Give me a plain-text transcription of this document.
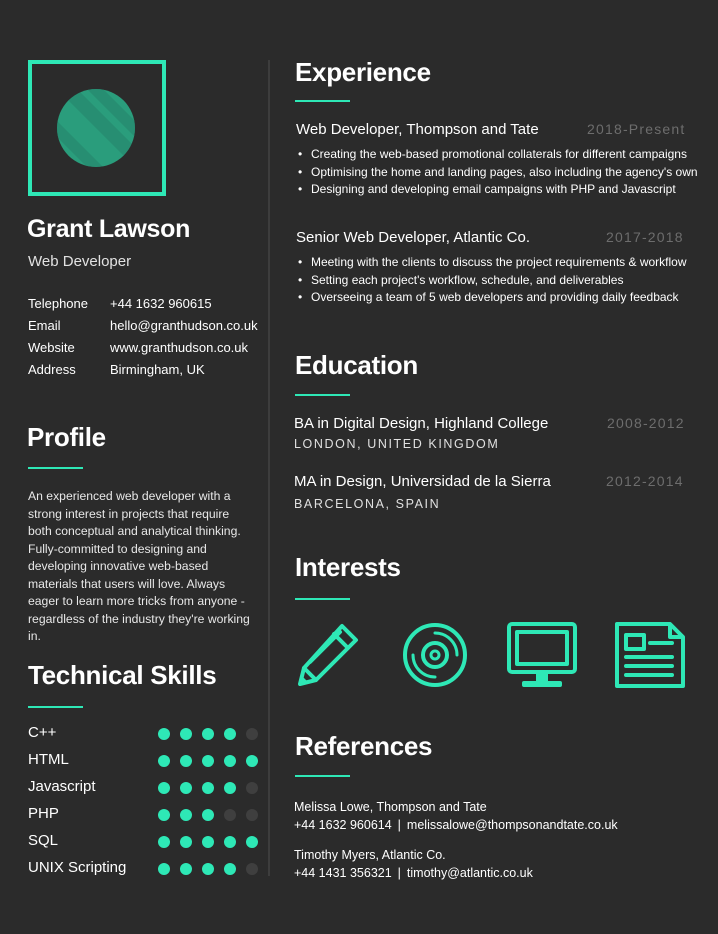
Grant Lawson
Web Developer
Telephone	+44 1632 960615
Email	hello@granthudson.co.uk
Website	www.granthudson.co.uk
Address	Birmingham, UK
Profile
An experienced web developer with a strong interest in projects that require both conceptual and analytical thinking. Fully-committed to designing and developing innovative web-based materials that users will love. Always eager to learn more tricks from anyone - regardless of the industry they're working in.
Technical Skills
C++
HTML
Javascript
PHP
SQL
UNIX Scripting
Experience
Web Developer, Thompson and Tate	2018-Present
• Creating the web-based promotional collaterals for different campaigns
• Optimising the home and landing pages, also including the agency's own
• Designing and developing email campaigns with PHP and Javascript
Senior Web Developer, Atlantic Co.	2017-2018
• Meeting with the clients to discuss the project requirements & workflow
• Setting each project's workflow, schedule, and deliverables
• Overseeing a team of 5 web developers and providing daily feedback
Education
BA in Digital Design, Highland College	2008-2012
LONDON, UNITED KINGDOM
MA in Design, Universidad de la Sierra	2012-2014
BARCELONA, SPAIN
Interests
References
Melissa Lowe, Thompson and Tate
+44 1632 960614 | melissalowe@thompsonandtate.co.uk
Timothy Myers, Atlantic Co.
+44 1431 356321 | timothy@atlantic.co.uk
